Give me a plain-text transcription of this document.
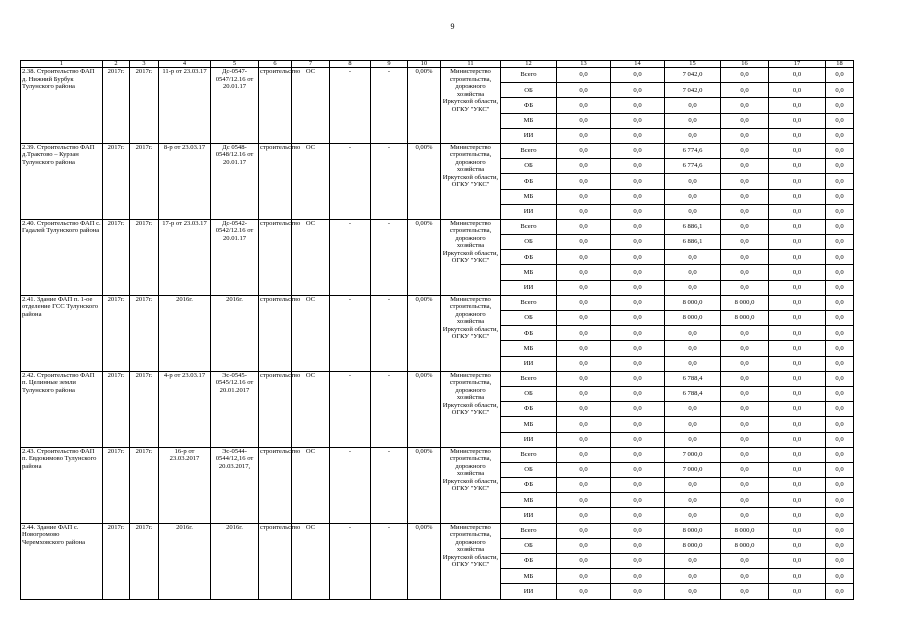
9
1	2	3	4	5	6	7	8	9	10	11	12	13	14	15	16	17	18
2.38. Строительство ФАП д. Нижний Бурбук Тулунского района	2017г.	2017г.	11-р от 23.03.17	Дс-0547-0547/12.16 от 20.01.17	строительство	ОС	-	-	0,00%	Министерство строительства, дорожного хозяйства Иркутской области, ОГКУ "УКС"	Всего	0,0	0,0	7 042,0	0,0	0,0	0,0
											ОБ	0,0	0,0	7 042,0	0,0	0,0	0,0
											ФБ	0,0	0,0	0,0	0,0	0,0	0,0
											МБ	0,0	0,0	0,0	0,0	0,0	0,0
											ИИ	0,0	0,0	0,0	0,0	0,0	0,0
2.39. Строительство ФАП д.Трактово – Курзан Тулунского района	2017г.	2017г.	8-р от 23.03.17	Дс 0548-0548/12.16 от 20.01.17	строительство	ОС	-	-	0,00%	Министерство строительства, дорожного хозяйства Иркутской области, ОГКУ "УКС"	Всего	0,0	0,0	6 774,6	0,0	0,0	0,0
											ОБ	0,0	0,0	6 774,6	0,0	0,0	0,0
											ФБ	0,0	0,0	0,0	0,0	0,0	0,0
											МБ	0,0	0,0	0,0	0,0	0,0	0,0
											ИИ	0,0	0,0	0,0	0,0	0,0	0,0
2.40. Строительство ФАП с. Гадалей Тулунского района	2017г.	2017г.	17-р от 23.03.17	Дс-0542-0542/12.16 от 20.01.17	строительство	ОС	-	-	0,00%	Министерство строительства, дорожного хозяйства Иркутской области, ОГКУ "УКС"	Всего	0,0	0,0	6 886,1	0,0	0,0	0,0
											ОБ	0,0	0,0	6 886,1	0,0	0,0	0,0
											ФБ	0,0	0,0	0,0	0,0	0,0	0,0
											МБ	0,0	0,0	0,0	0,0	0,0	0,0
											ИИ	0,0	0,0	0,0	0,0	0,0	0,0
2.41. Здание ФАП п. 1-ое отделение ГСС Тулунского района	2017г.	2017г.	2016г.	2016г.	строительство	ОС	-	-	0,00%	Министерство строительства, дорожного хозяйства Иркутской области, ОГКУ "УКС"	Всего	0,0	0,0	8 000,0	8 000,0	0,0	0,0
											ОБ	0,0	0,0	8 000,0	8 000,0	0,0	0,0
											ФБ	0,0	0,0	0,0	0,0	0,0	0,0
											МБ	0,0	0,0	0,0	0,0	0,0	0,0
											ИИ	0,0	0,0	0,0	0,0	0,0	0,0
2.42. Строительство ФАП п. Целинные земли Тулунского района	2017г.	2017г.	4-р от 23.03.17	Эс-0545-0545/12.16 от 20.01.2017	строительство	ОС	-	-	0,00%	Министерство строительства, дорожного хозяйства Иркутской области, ОГКУ "УКС"	Всего	0,0	0,0	6 788,4	0,0	0,0	0,0
											ОБ	0,0	0,0	6 788,4	0,0	0,0	0,0
											ФБ	0,0	0,0	0,0	0,0	0,0	0,0
											МБ	0,0	0,0	0,0	0,0	0,0	0,0
											ИИ	0,0	0,0	0,0	0,0	0,0	0,0
2.43. Строительство ФАП п. Евдокимово Тулунского района	2017г.	2017г.	16-р от 23.03.2017	Эс-0544-0544/12,16 от 20.03.2017,	строительство	ОС	-	-	0,00%	Министерство строительства, дорожного хозяйства Иркутской области, ОГКУ "УКС"	Всего	0,0	0,0	7 000,0	0,0	0,0	0,0
											ОБ	0,0	0,0	7 000,0	0,0	0,0	0,0
											ФБ	0,0	0,0	0,0	0,0	0,0	0,0
											МБ	0,0	0,0	0,0	0,0	0,0	0,0
											ИИ	0,0	0,0	0,0	0,0	0,0	0,0
2.44. Здание ФАП с. Новогромово Черемховского района	2017г.	2017г.	2016г.	2016г.	строительство	ОС	-	-	0,00%	Министерство строительства, дорожного хозяйства Иркутской области, ОГКУ "УКС"	Всего	0,0	0,0	8 000,0	8 000,0	0,0	0,0
											ОБ	0,0	0,0	8 000,0	8 000,0	0,0	0,0
											ФБ	0,0	0,0	0,0	0,0	0,0	0,0
											МБ	0,0	0,0	0,0	0,0	0,0	0,0
											ИИ	0,0	0,0	0,0	0,0	0,0	0,0
